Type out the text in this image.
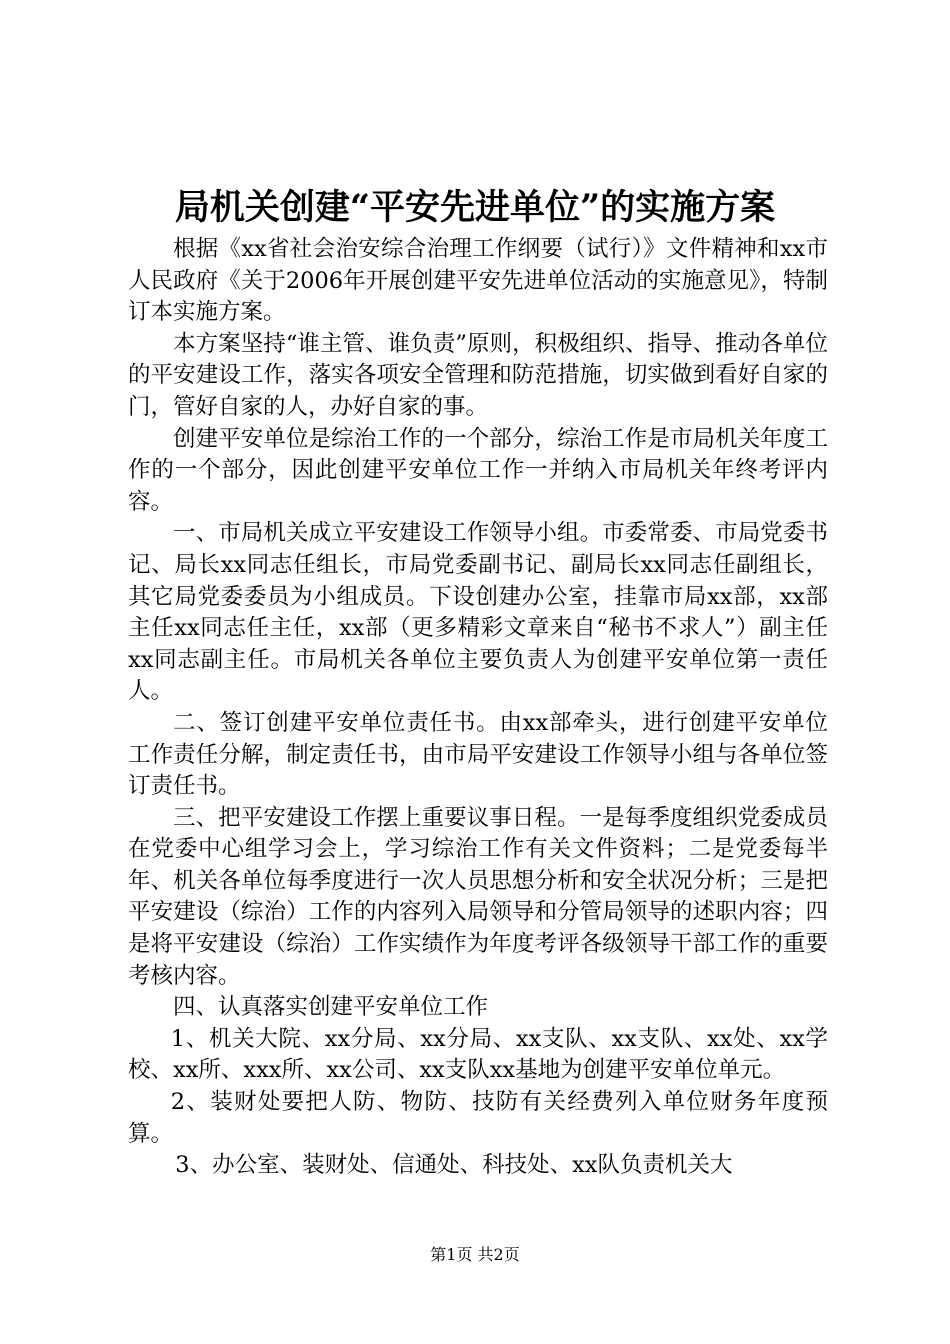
局机关创建“平安先进单位”的实施方案

根据《xx省社会治安综合治理工作纲要（试行）》文件精神和xx市人民政府《关于2006年开展创建平安先进单位活动的实施意见》，特制订本实施方案。

本方案坚持“谁主管、谁负责”原则，积极组织、指导、推动各单位的平安建设工作，落实各项安全管理和防范措施，切实做到看好自家的门，管好自家的人，办好自家的事。

创建平安单位是综治工作的一个部分，综治工作是市局机关年度工作的一个部分，因此创建平安单位工作一并纳入市局机关年终考评内容。

一、市局机关成立平安建设工作领导小组。市委常委、市局党委书记、局长xx同志任组长，市局党委副书记、副局长xx同志任副组长，其它局党委委员为小组成员。下设创建办公室，挂靠市局xx部，xx部主任xx同志任主任，xx部（更多精彩文章来自“秘书不求人”）副主任xx同志副主任。市局机关各单位主要负责人为创建平安单位第一责任人。

二、签订创建平安单位责任书。由xx部牵头，进行创建平安单位工作责任分解，制定责任书，由市局平安建设工作领导小组与各单位签订责任书。

三、把平安建设工作摆上重要议事日程。一是每季度组织党委成员在党委中心组学习会上，学习综治工作有关文件资料；二是党委每半年、机关各单位每季度进行一次人员思想分析和安全状况分析；三是把平安建设（综治）工作的内容列入局领导和分管局领导的述职内容；四是将平安建设（综治）工作实绩作为年度考评各级领导干部工作的重要考核内容。

四、认真落实创建平安单位工作

1、机关大院、xx分局、xx分局、xx支队、xx支队、xx处、xx学校、xx所、xxx所、xx公司、xx支队xx基地为创建平安单位单元。

2、装财处要把人防、物防、技防有关经费列入单位财务年度预算。

3、办公室、装财处、信通处、科技处、xx队负责机关大

第1页 共2页
